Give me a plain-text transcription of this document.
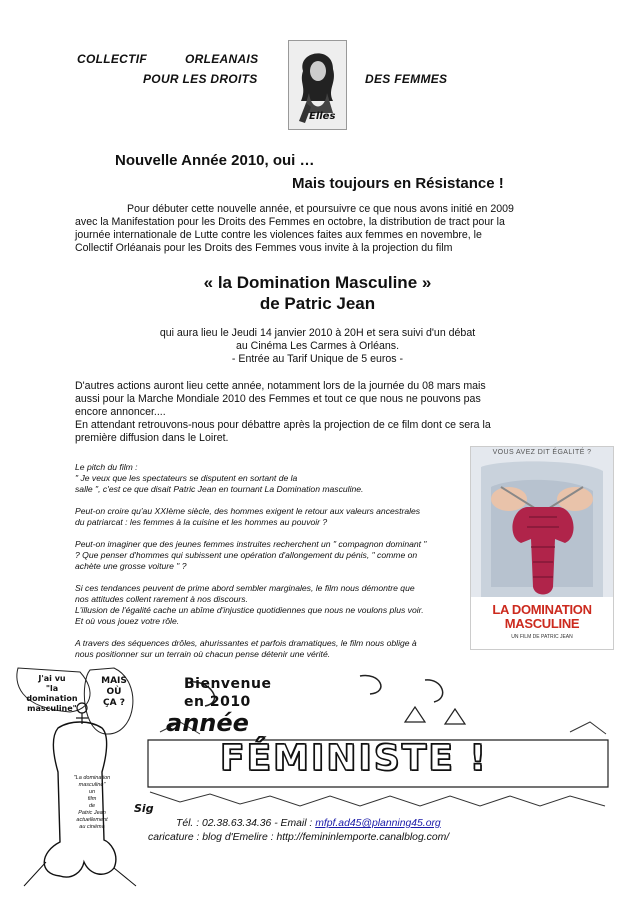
COLLECTIF	ORLEANAIS
POUR LES DROITS	DES FEMMES
Elles
Nouvelle Année 2010, oui …
Mais toujours en Résistance !
Pour débuter cette nouvelle année, et poursuivre ce que nous avons initié en 2009
avec la Manifestation pour les Droits des Femmes en octobre, la distribution de tract pour la
journée internationale de Lutte contre les violences faites aux femmes en novembre, le
Collectif Orléanais pour les Droits des Femmes vous invite à la projection du film
« la Domination Masculine »
de Patric Jean
qui aura lieu le Jeudi 14 janvier 2010 à 20H et sera suivi d'un débat
au Cinéma Les Carmes à Orléans.
- Entrée au Tarif Unique de 5 euros -
D'autres actions auront lieu cette année, notamment lors de la journée du 08 mars mais
aussi pour la Marche Mondiale 2010 des Femmes et tout ce que nous ne pouvons pas
encore annoncer....
En attendant retrouvons-nous pour débattre après la projection de ce film dont ce sera la
première diffusion dans le Loiret.
Le pitch du film :
" Je veux que les spectateurs se disputent en sortant de la
salle ", c'est ce que disait Patric Jean en tournant La Domination masculine.
Peut-on croire qu'au XXIème siècle, des hommes exigent le retour aux valeurs ancestrales
du patriarcat : les femmes à la cuisine et les hommes au pouvoir ?
Peut-on imaginer que des jeunes femmes instruites recherchent un " compagnon dominant "
? Que penser d'hommes qui subissent une opération d'allongement du pénis, " comme on
achète une grosse voiture " ?
Si ces tendances peuvent de prime abord sembler marginales, le film nous démontre que
nos attitudes collent rarement à nos discours.
L'illusion de l'égalité cache un abîme d'injustice quotidiennes que nous ne voulons plus voir.
Et où vous jouez votre rôle.
A travers des séquences drôles, ahurissantes et parfois dramatiques, le film nous oblige à
nous positionner sur un terrain où chacun pense détenir une vérité.
VOUS AVEZ DIT ÉGALITÉ ?
LA DOMINATION
MASCULINE
UN FILM DE PATRIC JEAN
J'ai vu
"la domination
masculine"
MAIS
OÙ
ÇA ?
"La domination
masculine"
un
film
de
Patric Jean
actuellement
au cinéma
Sig
Bienvenue
en 2010
année
FÉMINISTE !
Tél. : 02.38.63.34.36 - Email : mfpf.ad45@planning45.org
caricature : blog d'Emelire : http://femininlemporte.canalblog.com/
